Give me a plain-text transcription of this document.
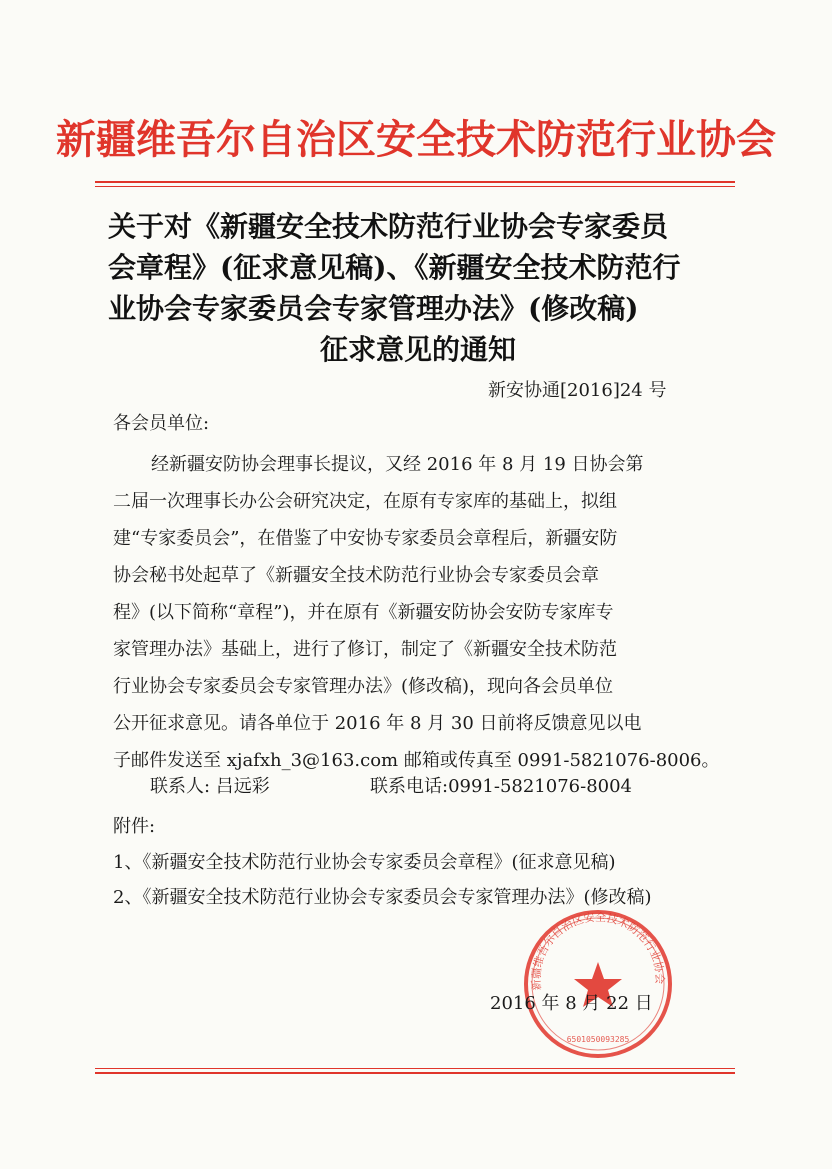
新疆维吾尔自治区安全技术防范行业协会
关于对《新疆安全技术防范行业协会专家委员
会章程》(征求意见稿)、《新疆安全技术防范行
业协会专家委员会专家管理办法》(修改稿)
征求意见的通知
新安协通[2016]24 号
各会员单位:
经新疆安防协会理事长提议，又经 2016 年 8 月 19 日协会第
二届一次理事长办公会研究决定，在原有专家库的基础上，拟组
建“专家委员会”，在借鉴了中安协专家委员会章程后，新疆安防
协会秘书处起草了《新疆安全技术防范行业协会专家委员会章
程》(以下简称“章程”)，并在原有《新疆安防协会安防专家库专
家管理办法》基础上，进行了修订，制定了《新疆安全技术防范
行业协会专家委员会专家管理办法》(修改稿)，现向各会员单位
公开征求意见。请各单位于 2016 年 8 月 30 日前将反馈意见以电
子邮件发送至 xjafxh_3@163.com 邮箱或传真至 0991-5821076-8006。
联系人: 吕远彩	联系电话:0991-5821076-8004
附件:
1、《新疆安全技术防范行业协会专家委员会章程》(征求意见稿)
2、《新疆安全技术防范行业协会专家委员会专家管理办法》(修改稿)
新疆维吾尔自治区安全技术防范行业协会
6501050093285
2016 年 8 月 22 日
